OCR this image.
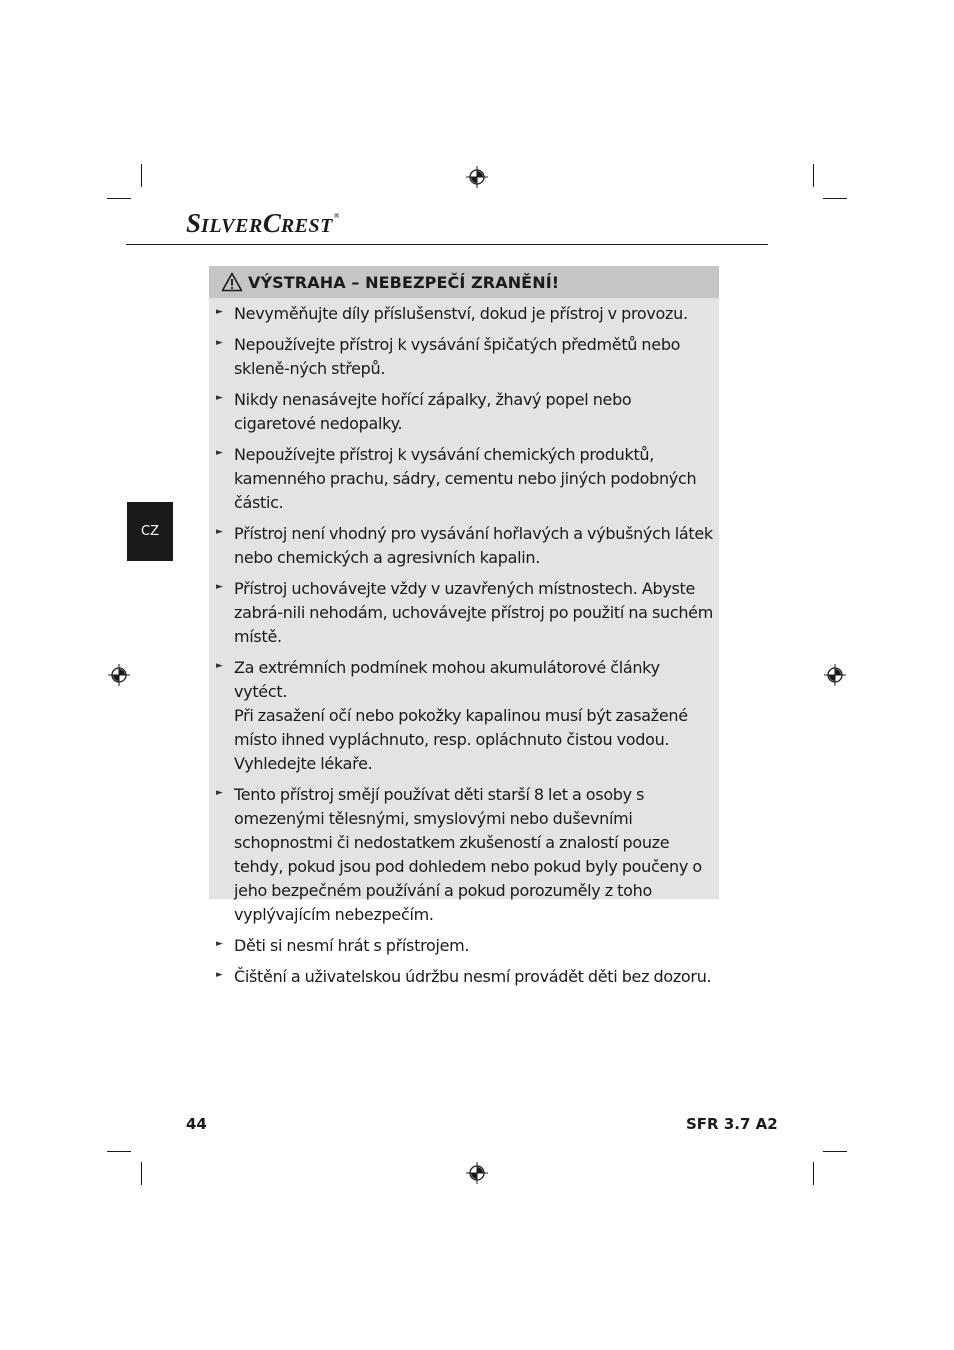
SILVERCREST®
CZ
VÝSTRAHA – NEBEZPEČÍ ZRANĚNÍ!
► Nevyměňujte díly příslušenství, dokud je přístroj v provozu.
► Nepoužívejte přístroj k vysávání špičatých předmětů nebo skleně-ných střepů.
► Nikdy nenasávejte hořící zápalky, žhavý popel nebo cigaretové nedopalky.
► Nepoužívejte přístroj k vysávání chemických produktů, kamenného prachu, sádry, cementu nebo jiných podobných částic.
► Přístroj není vhodný pro vysávání hořlavých a výbušných látek nebo chemických a agresivních kapalin.
► Přístroj uchovávejte vždy v uzavřených místnostech. Abyste zabrá-nili nehodám, uchovávejte přístroj po použití na suchém místě.
► Za extrémních podmínek mohou akumulátorové články vytéct.
Při zasažení očí nebo pokožky kapalinou musí být zasažené
místo ihned vypláchnuto, resp. opláchnuto čistou vodou.
Vyhledejte lékaře.
► Tento přístroj smějí používat děti starší 8 let a osoby s omezenými tělesnými, smyslovými nebo duševními schopnostmi či nedostatkem zkušeností a znalostí pouze tehdy, pokud jsou pod dohledem nebo pokud byly poučeny o jeho bezpečném používání a pokud porozuměly z toho vyplývajícím nebezpečím.
► Děti si nesmí hrát s přístrojem.
► Čištění a uživatelskou údržbu nesmí provádět děti bez dozoru.
44	SFR 3.7 A2
